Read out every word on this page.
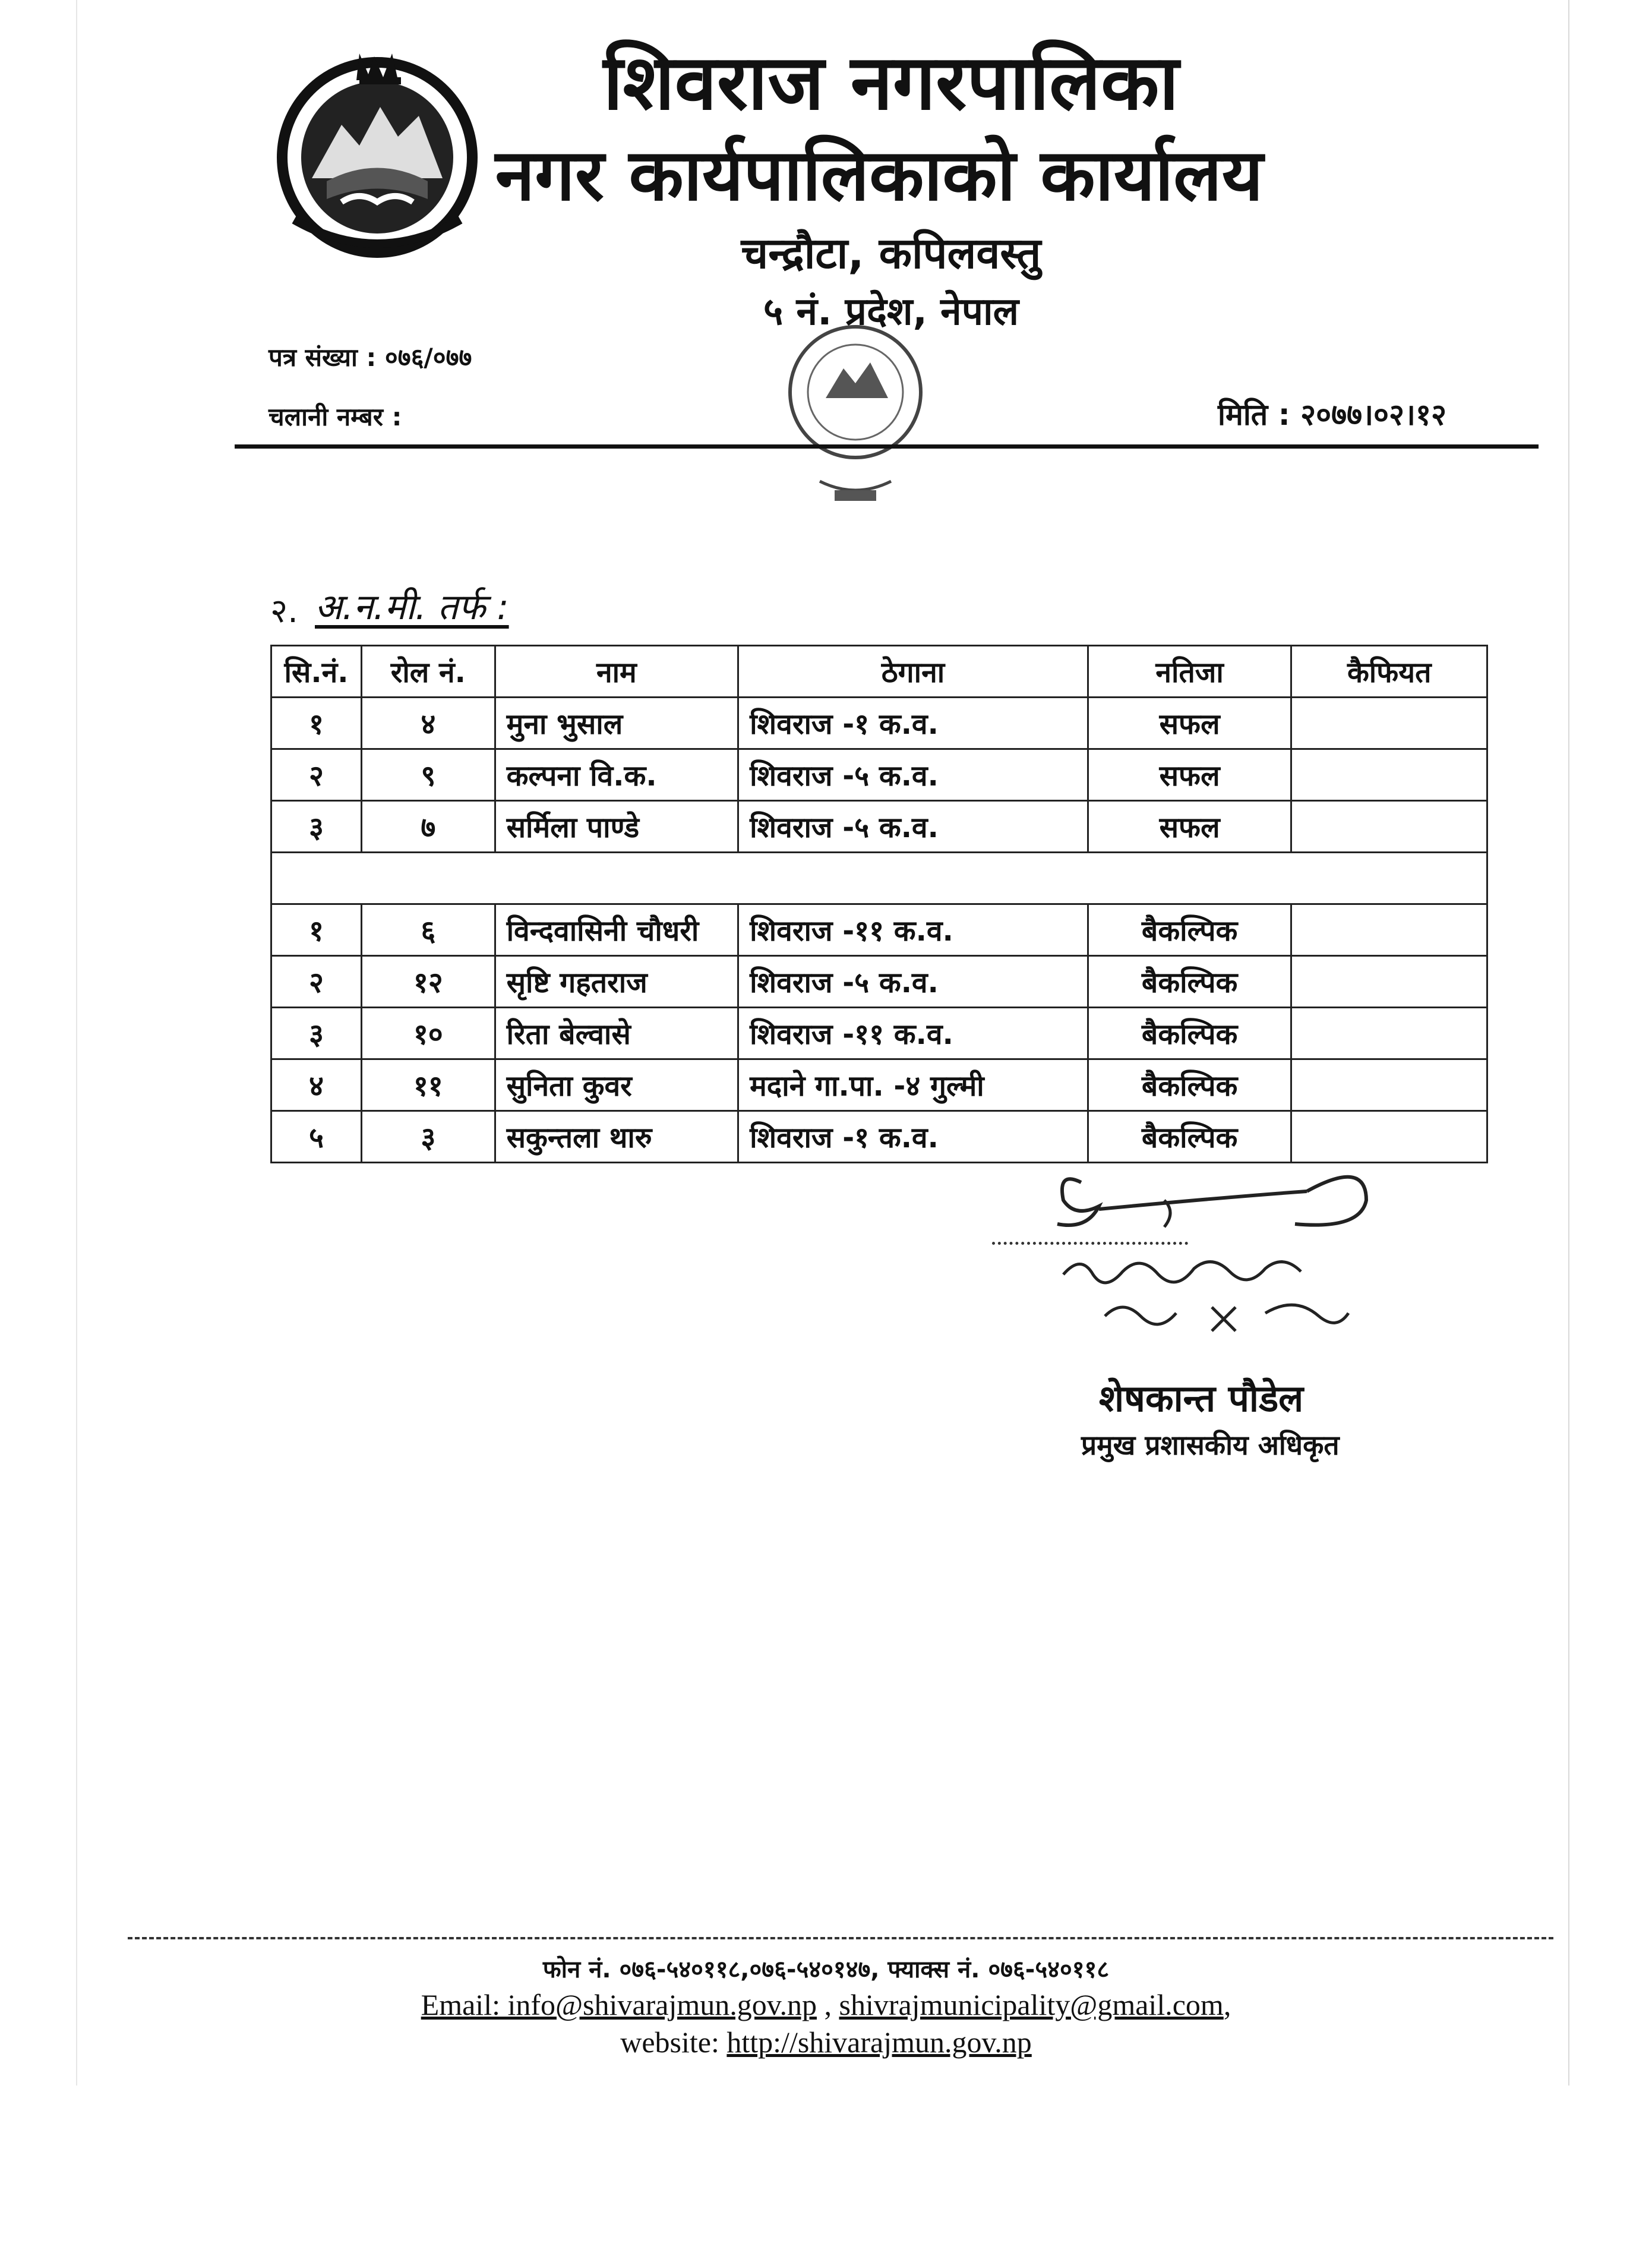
शिवराज नगरपालिका
नगर कार्यपालिकाको कार्यालय
चन्द्रौटा, कपिलवस्तु
५ नं. प्रदेश, नेपाल
पत्र संख्या : ०७६/०७७
चलानी नम्बर :	मिति : २०७७।०२।१२
२. अ.न.मी. तर्फ :
सि.नं.	रोल नं.	नाम	ठेगाना	नतिजा	कैफियत
१	४	मुना भुसाल	शिवराज -१ क.व.	सफल	
२	९	कल्पना वि.क.	शिवराज -५ क.व.	सफल	
३	७	सर्मिला पाण्डे	शिवराज -५ क.व.	सफल	

१	६	विन्दवासिनी चौधरी	शिवराज -११ क.व.	बैकल्पिक	
२	१२	सृष्टि गहतराज	शिवराज -५ क.व.	बैकल्पिक	
३	१०	रिता बेल्वासे	शिवराज -११ क.व.	बैकल्पिक	
४	११	सुनिता कुवर	मदाने गा.पा. -४ गुल्मी	बैकल्पिक	
५	३	सकुन्तला थारु	शिवराज -१ क.व.	बैकल्पिक	
शेषकान्त पौडेल
प्रमुख प्रशासकीय अधिकृत
फोन नं. ०७६-५४०११८,०७६-५४०१४७, फ्याक्स नं. ०७६-५४०११८
Email: info@shivarajmun.gov.np , shivrajmunicipality@gmail.com,
website: http://shivarajmun.gov.np
